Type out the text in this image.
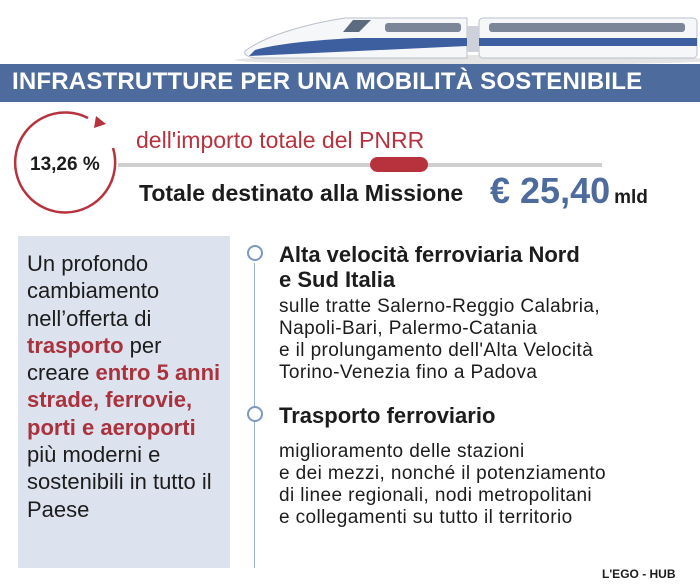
INFRASTRUTTURE PER UNA MOBILITÀ SOSTENIBILE
13,26 %
dell'importo totale del PNRR
Totale destinato alla Missione € 25,40 mld
Un profondo cambiamento nell’offerta di trasporto per creare entro 5 anni strade, ferrovie, porti e aeroporti più moderni e sostenibili in tutto il Paese
Alta velocità ferroviaria Nord
e Sud Italia
sulle tratte Salerno-Reggio Calabria,
Napoli-Bari, Palermo-Catania
e il prolungamento dell'Alta Velocità
Torino-Venezia fino a Padova
Trasporto ferroviario
miglioramento delle stazioni
e dei mezzi, nonché il potenziamento
di linee regionali, nodi metropolitani
e collegamenti su tutto il territorio
L'EGO - HUB
